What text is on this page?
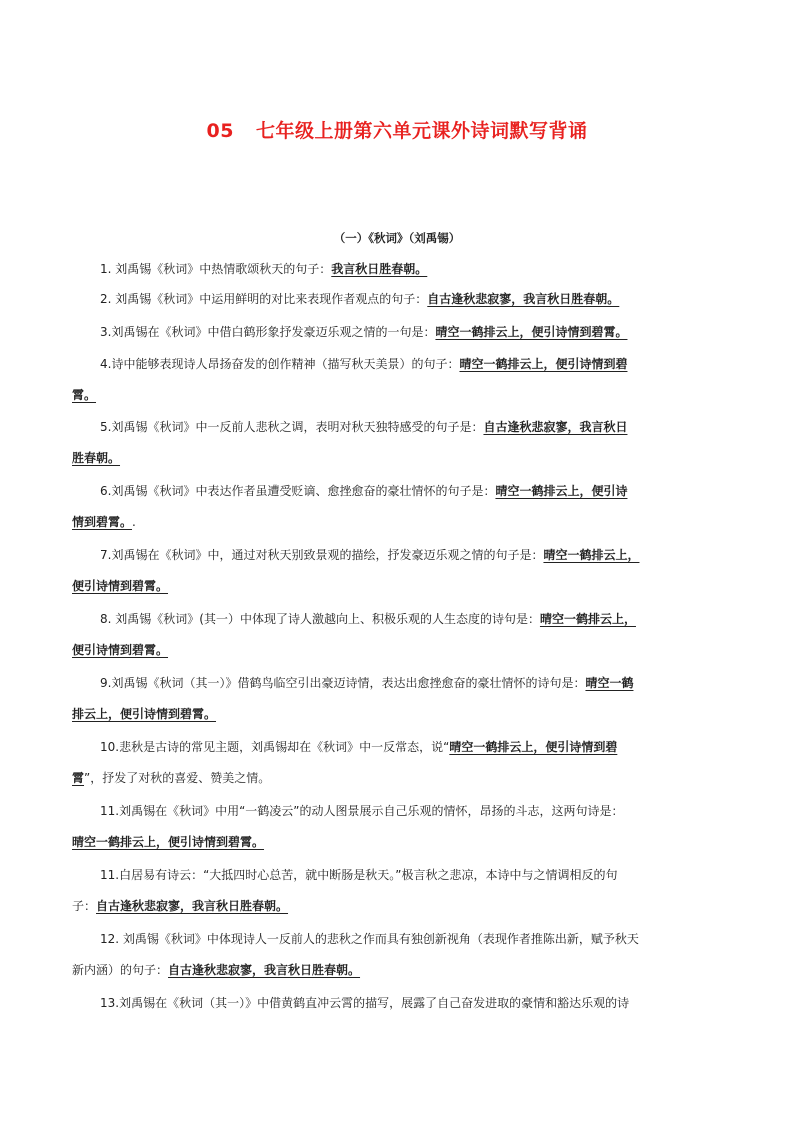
05 七年级上册第六单元课外诗词默写背诵
（一）《秋词》（刘禹锡）
1. 刘禹锡《秋词》中热情歌颂秋天的句子：我言秋日胜春朝。
2. 刘禹锡《秋词》中运用鲜明的对比来表现作者观点的句子：自古逢秋悲寂寥，我言秋日胜春朝。
3.刘禹锡在《秋词》中借白鹤形象抒发豪迈乐观之情的一句是：晴空一鹤排云上，便引诗情到碧霄。
4.诗中能够表现诗人昂扬奋发的创作精神（描写秋天美景）的句子：晴空一鹤排云上，便引诗情到碧
霄。
5.刘禹锡《秋词》中一反前人悲秋之调，表明对秋天独特感受的句子是：自古逢秋悲寂寥，我言秋日
胜春朝。
6.刘禹锡《秋词》中表达作者虽遭受贬谪、愈挫愈奋的豪壮情怀的句子是：晴空一鹤排云上，便引诗
情到碧霄。.
7.刘禹锡在《秋词》中，通过对秋天别致景观的描绘，抒发豪迈乐观之情的句子是：晴空一鹤排云上，
便引诗情到碧霄。
8. 刘禹锡《秋词》(其一）中体现了诗人激越向上、积极乐观的人生态度的诗句是：晴空一鹤排云上，
便引诗情到碧霄。
9.刘禹锡《秋词（其一）》借鹤鸟临空引出豪迈诗情，表达出愈挫愈奋的豪壮情怀的诗句是：晴空一鹤
排云上，便引诗情到碧霄。
10.悲秋是古诗的常见主题，刘禹锡却在《秋词》中一反常态，说“晴空一鹤排云上，便引诗情到碧
霄”，抒发了对秋的喜爱、赞美之情。
11.刘禹锡在《秋词》中用“一鹤凌云”的动人图景展示自己乐观的情怀，昂扬的斗志，这两句诗是：
晴空一鹤排云上，便引诗情到碧霄。
11.白居易有诗云：“大抵四时心总苦，就中断肠是秋天。”极言秋之悲凉，本诗中与之情调相反的句
子：自古逢秋悲寂寥，我言秋日胜春朝。
12. 刘禹锡《秋词》中体现诗人一反前人的悲秋之作而具有独创新视角（表现作者推陈出新，赋予秋天
新内涵）的句子：自古逢秋悲寂寥，我言秋日胜春朝。
13.刘禹锡在《秋词（其一）》中借黄鹤直冲云霄的描写，展露了自己奋发进取的豪情和豁达乐观的诗
